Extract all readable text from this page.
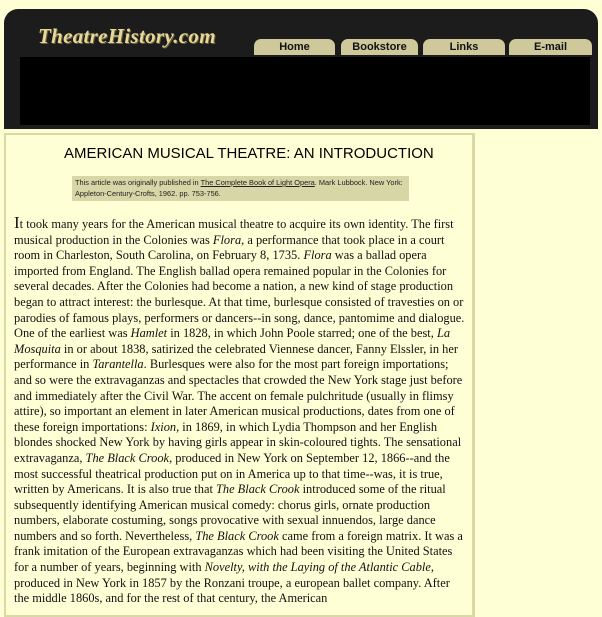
TheatreHistory.com	Home	Bookstore	Links	E-mail
AMERICAN MUSICAL THEATRE: AN INTRODUCTION
This article was originally published in The Complete Book of Light Opera. Mark Lubbock. New York: Appleton-Century-Crofts, 1962. pp. 753-756.
It took many years for the American musical theatre to acquire its own identity. The first musical production in the Colonies was Flora, a performance that took place in a court room in Charleston, South Carolina, on February 8, 1735. Flora was a ballad opera imported from England. The English ballad opera remained popular in the Colonies for several decades. After the Colonies had become a nation, a new kind of stage production began to attract interest: the burlesque. At that time, burlesque consisted of travesties on or parodies of famous plays, performers or dancers--in song, dance, pantomime and dialogue. One of the earliest was Hamlet in 1828, in which John Poole starred; one of the best, La Mosquita in or about 1838, satirized the celebrated Viennese dancer, Fanny Elssler, in her performance in Tarantella. Burlesques were also for the most part foreign importations; and so were the extravaganzas and spectacles that crowded the New York stage just before and immediately after the Civil War. The accent on female pulchritude (usually in flimsy attire), so important an element in later American musical productions, dates from one of these foreign importations: Ixion, in 1869, in which Lydia Thompson and her English blondes shocked New York by having girls appear in skin-coloured tights. The sensational extravaganza, The Black Crook, produced in New York on September 12, 1866--and the most successful theatrical production put on in America up to that time--was, it is true, written by Americans. It is also true that The Black Crook introduced some of the ritual subsequently identifying American musical comedy: chorus girls, ornate production numbers, elaborate costuming, songs provocative with sexual innuendos, large dance numbers and so forth. Nevertheless, The Black Crook came from a foreign matrix. It was a frank imitation of the European extravaganzas which had been visiting the United States for a number of years, beginning with Novelty, with the Laying of the Atlantic Cable, produced in New York in 1857 by the Ronzani troupe, a european ballet company. After the middle 1860s, and for the rest of that century, the American
